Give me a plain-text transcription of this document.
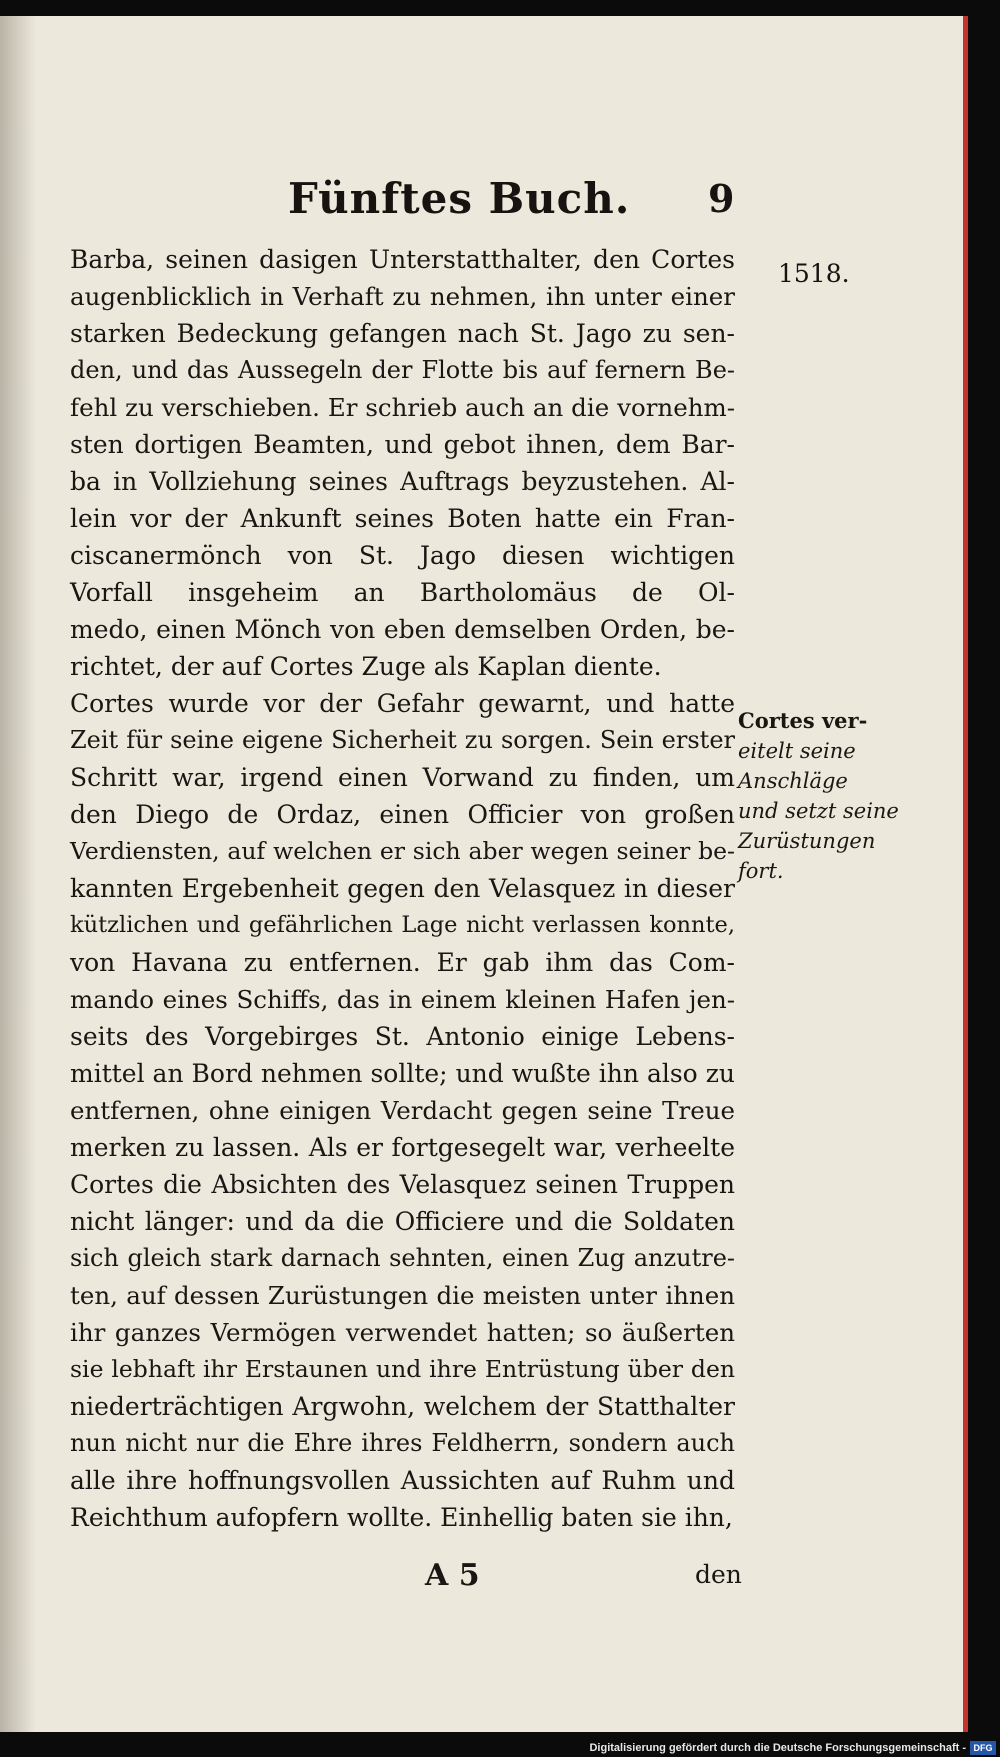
Fünftes Buch. 9
1518.
Barba, seinen dasigen Unterstatthalter, den Cortes
augenblicklich in Verhaft zu nehmen, ihn unter einer
starken Bedeckung gefangen nach St. Jago zu sen-
den, und das Aussegeln der Flotte bis auf fernern Be-
fehl zu verschieben. Er schrieb auch an die vornehm-
sten dortigen Beamten, und gebot ihnen, dem Bar-
ba in Vollziehung seines Auftrags beyzustehen. Al-
lein vor der Ankunft seines Boten hatte ein Fran-
ciscanermönch von St. Jago diesen wichtigen
Vorfall insgeheim an Bartholomäus de Ol-
medo, einen Mönch von eben demselben Orden, be-
richtet, der auf Cortes Zuge als Kaplan diente.
Cortes wurde vor der Gefahr gewarnt, und hatte
Zeit für seine eigene Sicherheit zu sorgen. Sein erster
Schritt war, irgend einen Vorwand zu finden, um
den Diego de Ordaz, einen Officier von großen
Verdiensten, auf welchen er sich aber wegen seiner be-
kannten Ergebenheit gegen den Velasquez in dieser
kützlichen und gefährlichen Lage nicht verlassen konnte,
von Havana zu entfernen. Er gab ihm das Com-
mando eines Schiffs, das in einem kleinen Hafen jen-
seits des Vorgebirges St. Antonio einige Lebens-
mittel an Bord nehmen sollte; und wußte ihn also zu
entfernen, ohne einigen Verdacht gegen seine Treue
merken zu lassen. Als er fortgesegelt war, verheelte
Cortes die Absichten des Velasquez seinen Truppen
nicht länger: und da die Officiere und die Soldaten
sich gleich stark darnach sehnten, einen Zug anzutre-
ten, auf dessen Zurüstungen die meisten unter ihnen
ihr ganzes Vermögen verwendet hatten; so äußerten
sie lebhaft ihr Erstaunen und ihre Entrüstung über den
niederträchtigen Argwohn, welchem der Statthalter
nun nicht nur die Ehre ihres Feldherrn, sondern auch
alle ihre hoffnungsvollen Aussichten auf Ruhm und
Reichthum aufopfern wollte. Einhellig baten sie ihn,
Cortes ver-
eitelt seine
Anschläge
und setzt seine
Zurüstungen
fort.
A 5	den
Digitalisierung gefördert durch die Deutsche Forschungsgemeinschaft - DFG
